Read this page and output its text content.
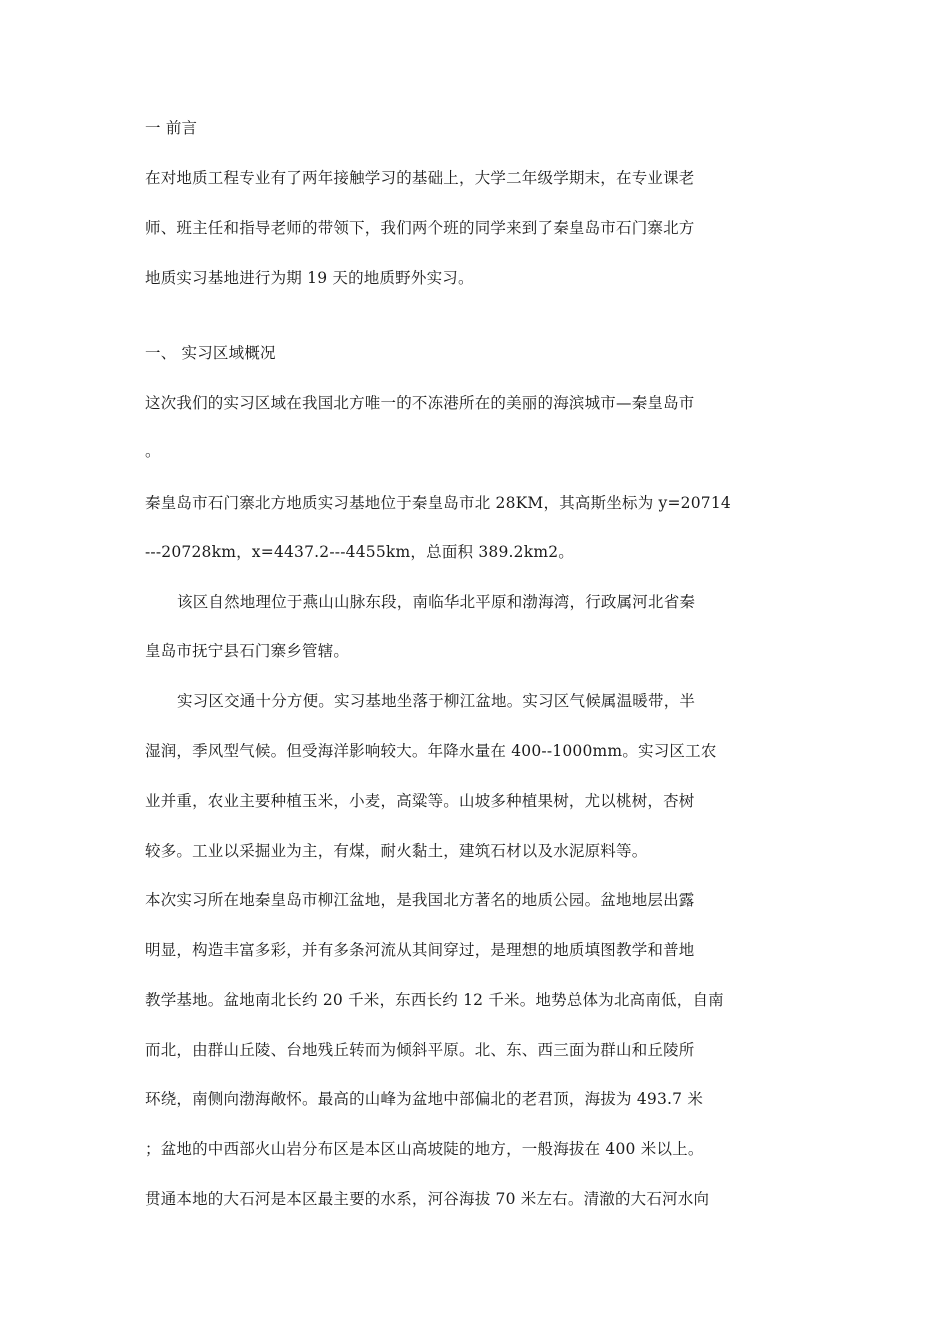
一 前言
在对地质工程专业有了两年接触学习的基础上，大学二年级学期末，在专业课老
师、班主任和指导老师的带领下，我们两个班的同学来到了秦皇岛市石门寨北方
地质实习基地进行为期 19 天的地质野外实习。
一、 实习区域概况
这次我们的实习区域在我国北方唯一的不冻港所在的美丽的海滨城市—秦皇岛市
。
秦皇岛市石门寨北方地质实习基地位于秦皇岛市北 28KM，其高斯坐标为 y=20714
---20728km，x=4437.2---4455km，总面积 389.2km2。
该区自然地理位于燕山山脉东段，南临华北平原和渤海湾，行政属河北省秦
皇岛市抚宁县石门寨乡管辖。
实习区交通十分方便。实习基地坐落于柳江盆地。实习区气候属温暖带，半
湿润，季风型气候。但受海洋影响较大。年降水量在 400--1000mm。实习区工农
业并重，农业主要种植玉米，小麦，高粱等。山坡多种植果树，尤以桃树，杏树
较多。工业以采掘业为主，有煤，耐火黏土，建筑石材以及水泥原料等。
本次实习所在地秦皇岛市柳江盆地，是我国北方著名的地质公园。盆地地层出露
明显，构造丰富多彩，并有多条河流从其间穿过，是理想的地质填图教学和普地
教学基地。盆地南北长约 20 千米，东西长约 12 千米。地势总体为北高南低，自南
而北，由群山丘陵、台地残丘转而为倾斜平原。北、东、西三面为群山和丘陵所
环绕，南侧向渤海敞怀。最高的山峰为盆地中部偏北的老君顶，海拔为 493.7 米
；盆地的中西部火山岩分布区是本区山高坡陡的地方，一般海拔在 400 米以上。
贯通本地的大石河是本区最主要的水系，河谷海拔 70 米左右。清澈的大石河水向
